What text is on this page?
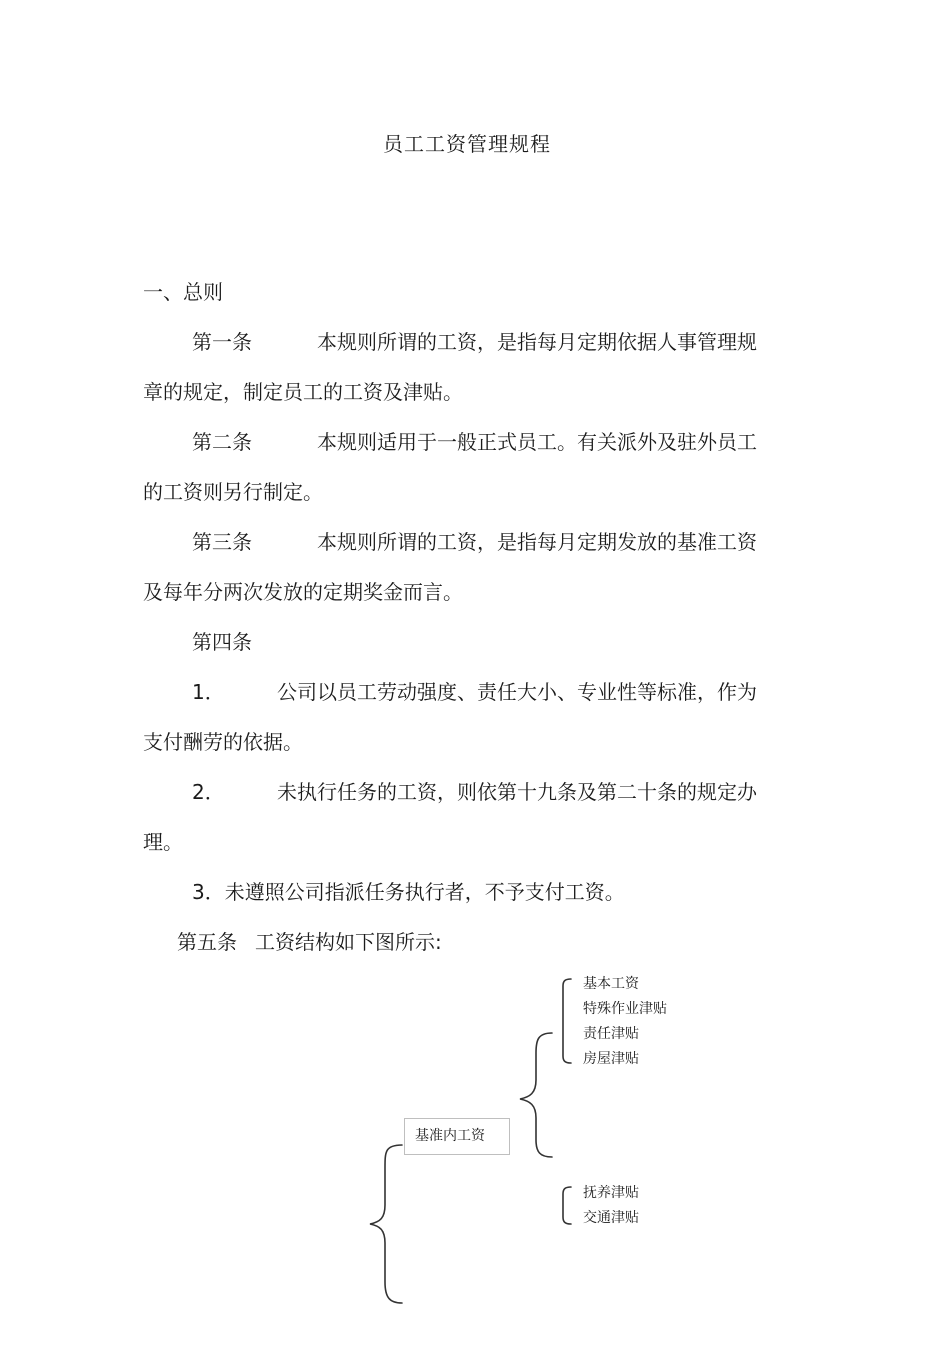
员工工资管理规程
一、总则
第一条	本规则所谓的工资，是指每月定期依据人事管理规
章的规定，制定员工的工资及津贴。
第二条	本规则适用于一般正式员工。有关派外及驻外员工
的工资则另行制定。
第三条	本规则所谓的工资，是指每月定期发放的基准工资
及每年分两次发放的定期奖金而言。
第四条
1．	公司以员工劳动强度、责任大小、专业性等标准，作为
支付酬劳的依据。
2．	未执行任务的工资，则依第十九条及第二十条的规定办
理。
3．未遵照公司指派任务执行者，不予支付工资。
第五条 工资结构如下图所示:
基准内工资
基本工资
特殊作业津贴
责任津贴
房屋津贴
抚养津贴
交通津贴
